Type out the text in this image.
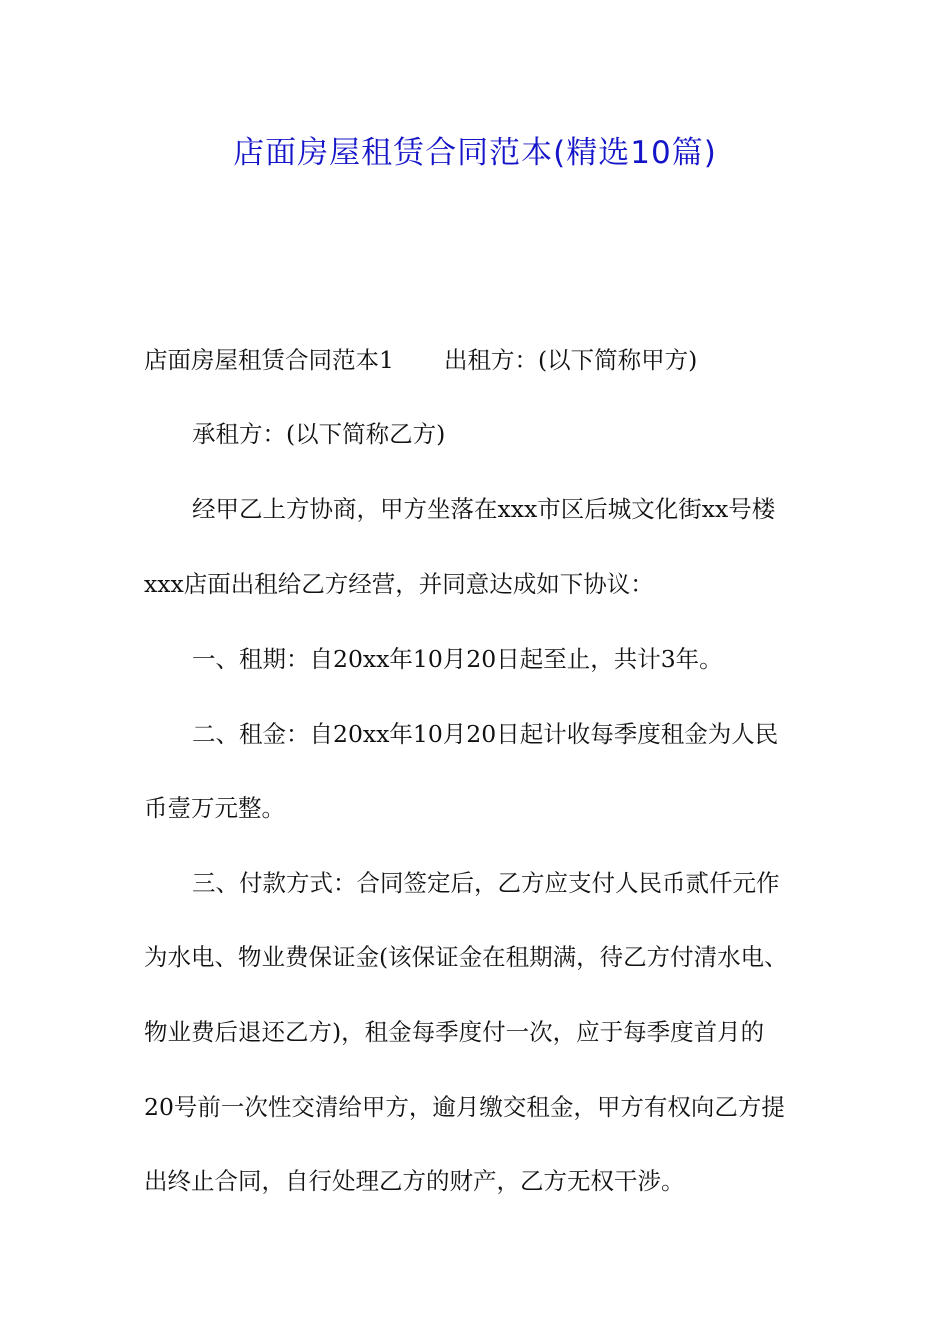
店面房屋租赁合同范本(精选10篇)
店面房屋租赁合同范本1 出租方：(以下简称甲方)
承租方：(以下简称乙方)
经甲乙上方协商，甲方坐落在xxx市区后城文化街xx号楼
xxx店面出租给乙方经营，并同意达成如下协议：
一、租期：自20xx年10月20日起至止，共计3年。
二、租金：自20xx年10月20日起计收每季度租金为人民
币壹万元整。
三、付款方式：合同签定后，乙方应支付人民币贰仟元作
为水电、物业费保证金(该保证金在租期满，待乙方付清水电、
物业费后退还乙方)，租金每季度付一次，应于每季度首月的
20号前一次性交清给甲方，逾月缴交租金，甲方有权向乙方提
出终止合同，自行处理乙方的财产，乙方无权干涉。
